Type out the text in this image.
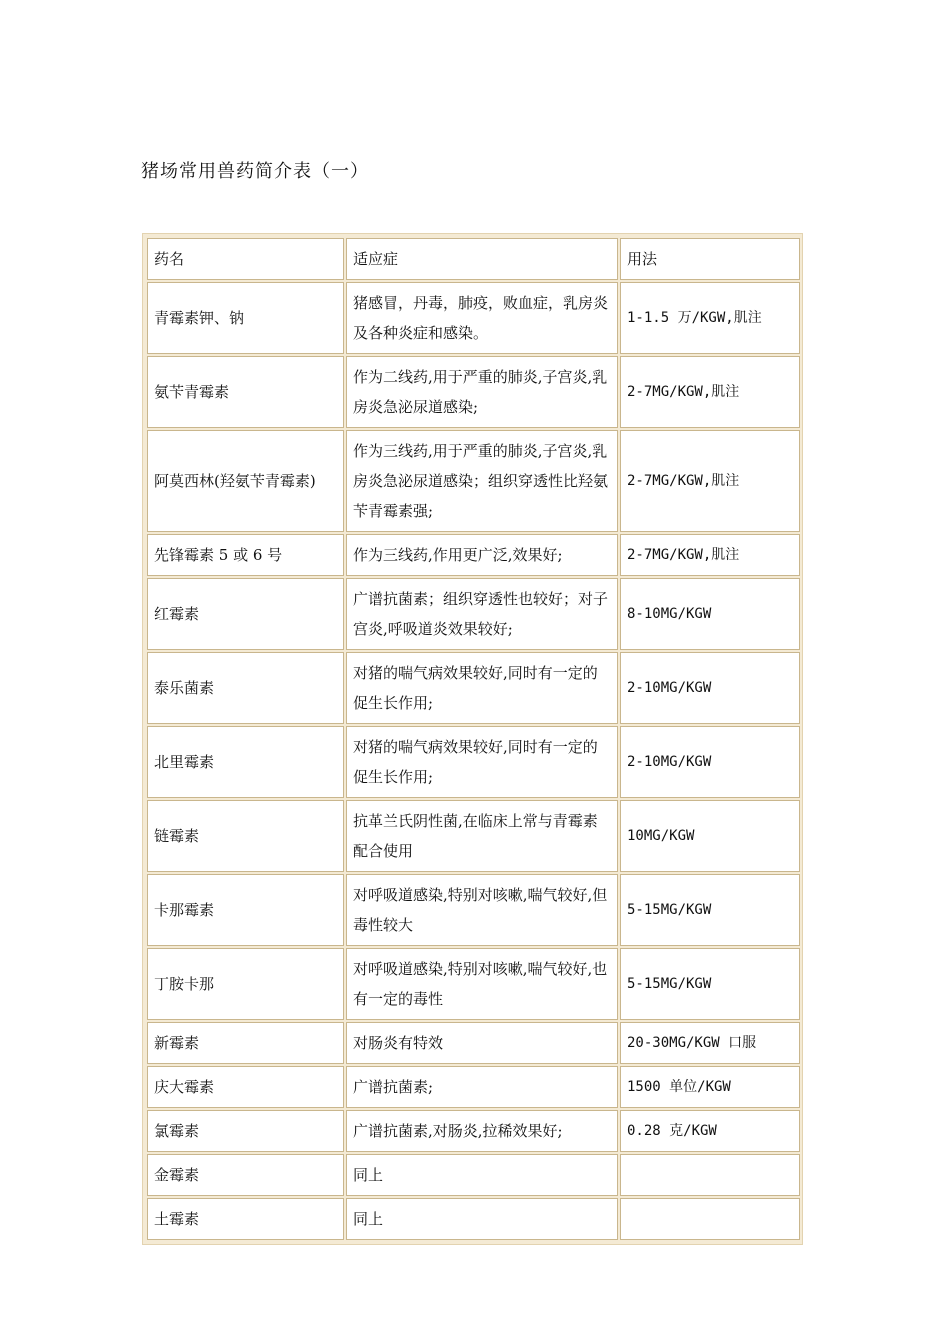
猪场常用兽药简介表（一）
药名	适应症	用法
青霉素钾、钠	猪感冒，丹毒，肺疫，败血症，乳房炎及各种炎症和感染。	1-1.5 万/KGW,肌注
氨苄青霉素	作为二线药,用于严重的肺炎,子宫炎,乳房炎急泌尿道感染;	2-7MG/KGW,肌注
阿莫西林(羟氨苄青霉素)	作为三线药,用于严重的肺炎,子宫炎,乳房炎急泌尿道感染；组织穿透性比羟氨苄青霉素强;	2-7MG/KGW,肌注
先锋霉素 5 或 6 号	作为三线药,作用更广泛,效果好;	2-7MG/KGW,肌注
红霉素	广谱抗菌素；组织穿透性也较好；对子宫炎,呼吸道炎效果较好;	8-10MG/KGW
泰乐菌素	对猪的喘气病效果较好,同时有一定的促生长作用;	2-10MG/KGW
北里霉素	对猪的喘气病效果较好,同时有一定的促生长作用;	2-10MG/KGW
链霉素	抗革兰氏阴性菌,在临床上常与青霉素配合使用	10MG/KGW
卡那霉素	对呼吸道感染,特别对咳嗽,喘气较好,但毒性较大	5-15MG/KGW
丁胺卡那	对呼吸道感染,特别对咳嗽,喘气较好,也有一定的毒性	5-15MG/KGW
新霉素	对肠炎有特效	20-30MG/KGW 口服
庆大霉素	广谱抗菌素;	1500 单位/KGW
氯霉素	广谱抗菌素,对肠炎,拉稀效果好;	0.28 克/KGW
金霉素	同上	
土霉素	同上	
